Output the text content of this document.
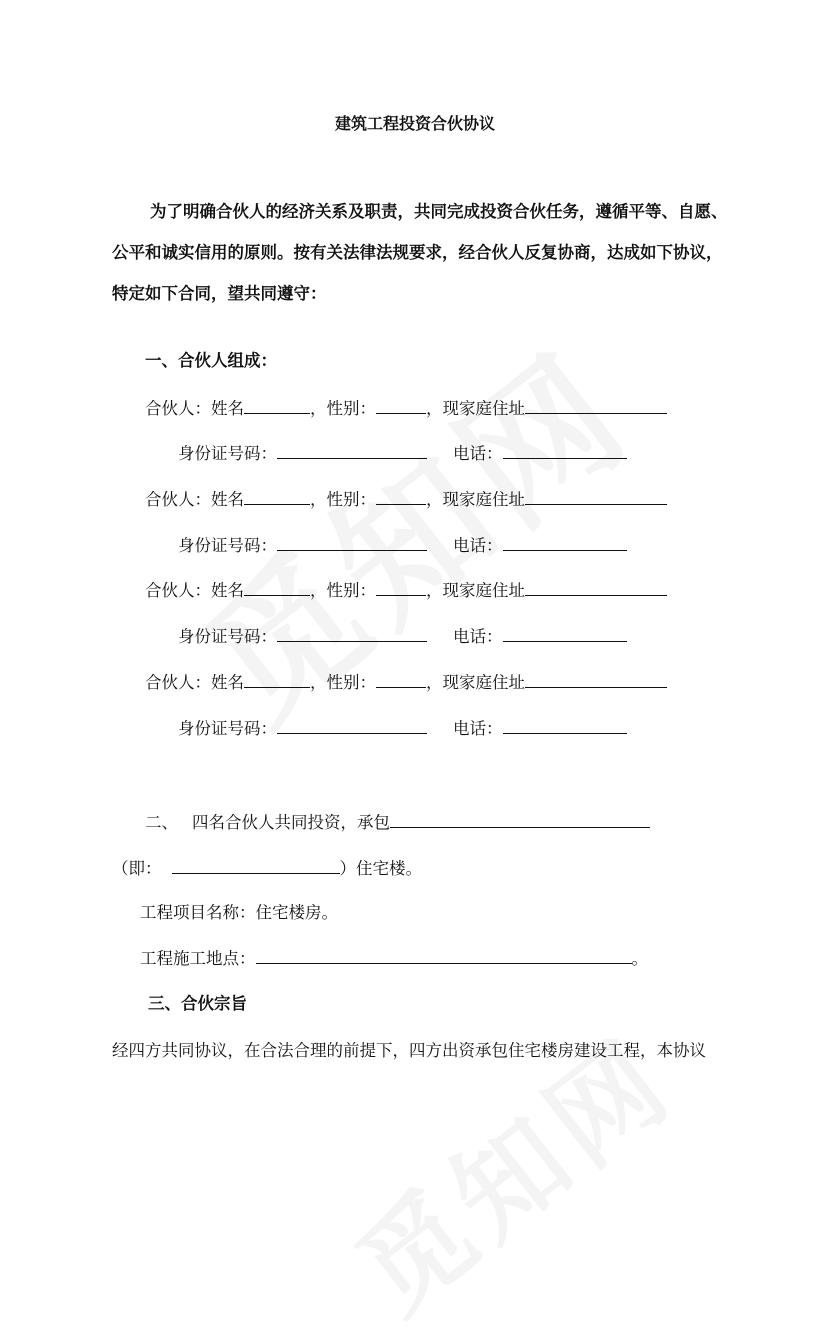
建筑工程投资合伙协议
为了明确合伙人的经济关系及职责，共同完成投资合伙任务，遵循平等、自愿、
公平和诚实信用的原则。按有关法律法规要求，经合伙人反复协商，达成如下协议，
特定如下合同，望共同遵守：
一、合伙人组成：
合伙人：姓名	，性别：	，现家庭住址
身份证号码：	电话：
合伙人：姓名	，性别：	，现家庭住址
身份证号码：	电话：
合伙人：姓名	，性别：	，现家庭住址
身份证号码：	电话：
合伙人：姓名	，性别：	，现家庭住址
身份证号码：	电话：
二、 四名合伙人共同投资，承包
（即：	）住宅楼。
工程项目名称：住宅楼房。
工程施工地点：	。
三、合伙宗旨
经四方共同协议，在合法合理的前提下，四方出资承包住宅楼房建设工程，本协议
